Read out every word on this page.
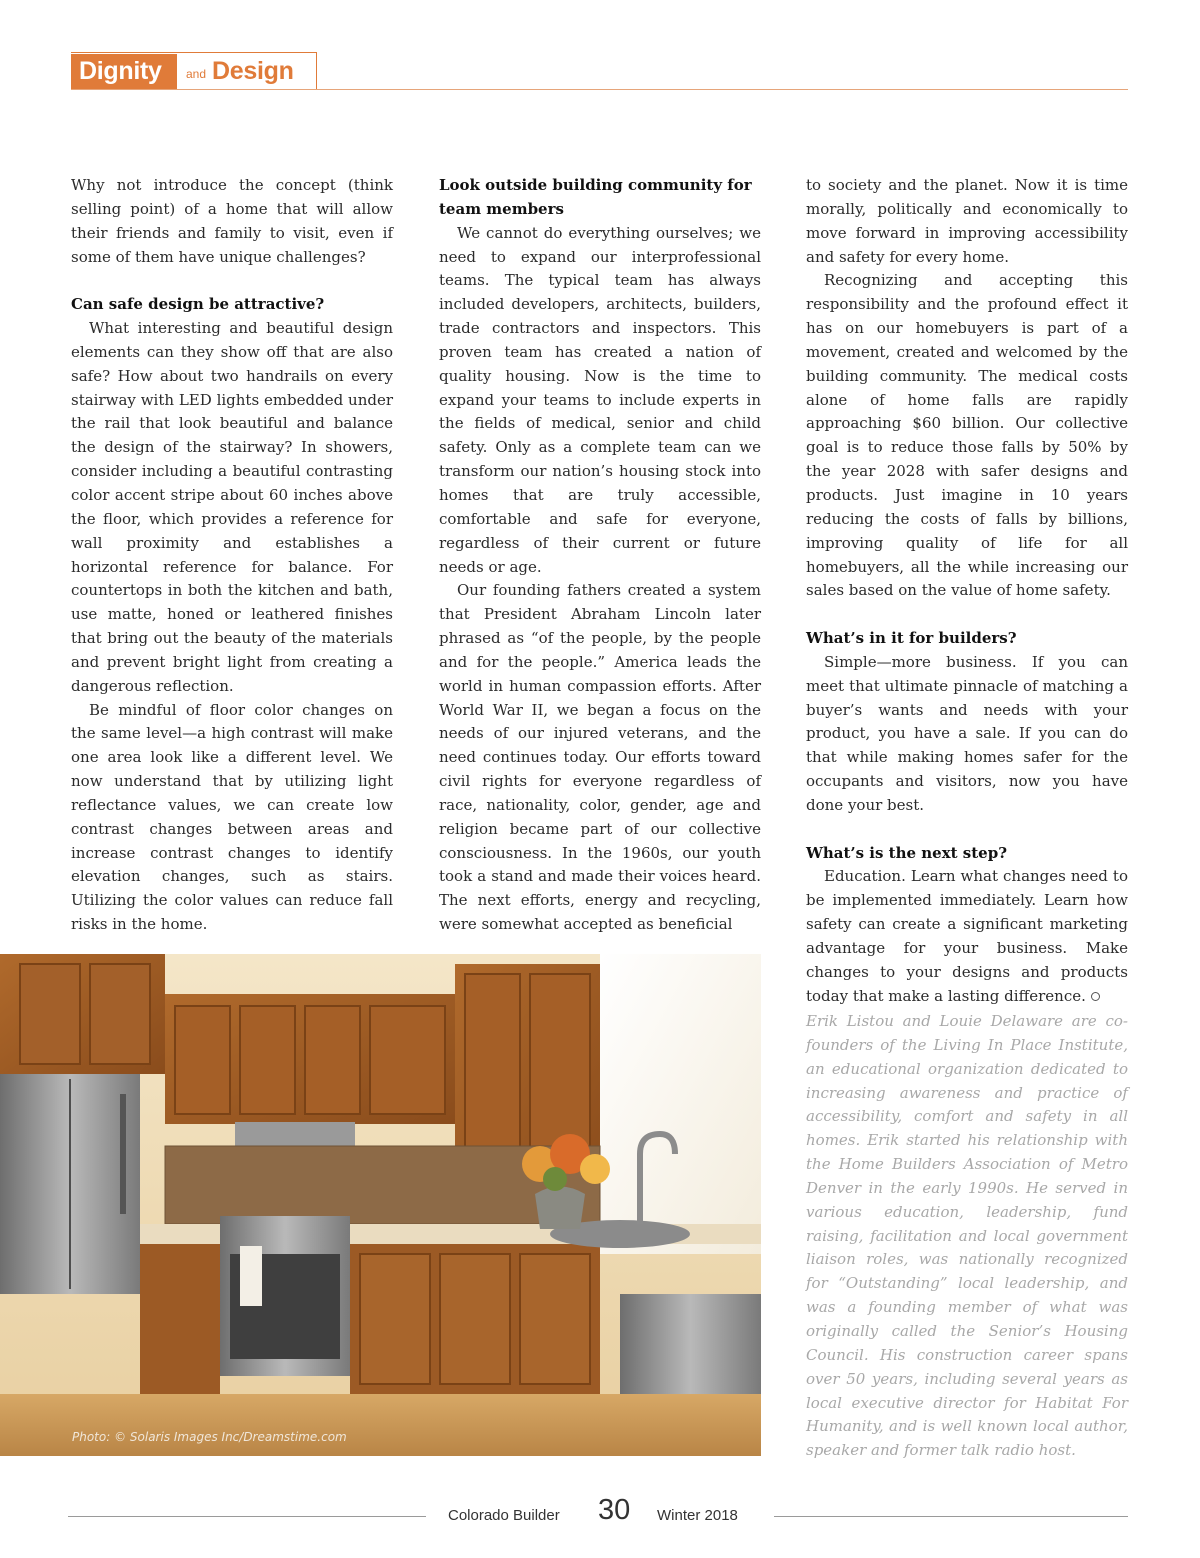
Dignity and Design

Why not introduce the concept (think selling point) of a home that will allow their friends and family to visit, even if some of them have unique challenges?

Can safe design be attractive?

What interesting and beautiful design elements can they show off that are also safe? How about two handrails on every stairway with LED lights embedded under the rail that look beautiful and balance the design of the stairway? In showers, consider including a beautiful contrasting color accent stripe about 60 inches above the floor, which provides a reference for wall proximity and establishes a horizontal reference for balance. For countertops in both the kitchen and bath, use matte, honed or leathered finishes that bring out the beauty of the materials and prevent bright light from creating a dangerous reflection.

Be mindful of floor color changes on the same level—a high contrast will make one area look like a different level. We now understand that by utilizing light reflectance values, we can create low contrast changes between areas and increase contrast changes to identify elevation changes, such as stairs. Utilizing the color values can reduce fall risks in the home.

Look outside building community for team members

We cannot do everything ourselves; we need to expand our interprofessional teams. The typical team has always included developers, architects, builders, trade contractors and inspectors. This proven team has created a nation of quality housing. Now is the time to expand your teams to include experts in the fields of medical, senior and child safety. Only as a complete team can we transform our nation’s housing stock into homes that are truly accessible, comfortable and safe for everyone, regardless of their current or future needs or age.

Our founding fathers created a system that President Abraham Lincoln later phrased as “of the people, by the people and for the people.” America leads the world in human compassion efforts. After World War II, we began a focus on the needs of our injured veterans, and the need continues today. Our efforts toward civil rights for everyone regardless of race, nationality, color, gender, age and religion became part of our collective consciousness. In the 1960s, our youth took a stand and made their voices heard. The next efforts, energy and recycling, were somewhat accepted as beneficial

to society and the planet. Now it is time morally, politically and economically to move forward in improving accessibility and safety for every home.

Recognizing and accepting this responsibility and the profound effect it has on our homebuyers is part of a movement, created and welcomed by the building community. The medical costs alone of home falls are rapidly approaching $60 billion. Our collective goal is to reduce those falls by 50% by the year 2028 with safer designs and products. Just imagine in 10 years reducing the costs of falls by billions, improving quality of life for all homebuyers, all the while increasing our sales based on the value of home safety.

What’s in it for builders?

Simple—more business. If you can meet that ultimate pinnacle of matching a buyer’s wants and needs with your product, you have a sale. If you can do that while making homes safer for the occupants and visitors, now you have done your best.

What’s is the next step?

Education. Learn what changes need to be implemented immediately. Learn how safety can create a significant marketing advantage for your business. Make changes to your designs and products today that make a lasting difference.

Erik Listou and Louie Delaware are co-founders of the Living In Place Institute, an educational organization dedicated to increasing awareness and practice of accessibility, comfort and safety in all homes. Erik started his relationship with the Home Builders Association of Metro Denver in the early 1990s. He served in various education, leadership, fund raising, facilitation and local government liaison roles, was nationally recognized for “Outstanding” local leadership, and was a founding member of what was originally called the Senior’s Housing Council. His construction career spans over 50 years, including several years as local executive director for Habitat For Humanity, and is well known local author, speaker and former talk radio host.
Photo: © Solaris Images Inc/Dreamstime.com
Colorado Builder 30 Winter 2018
